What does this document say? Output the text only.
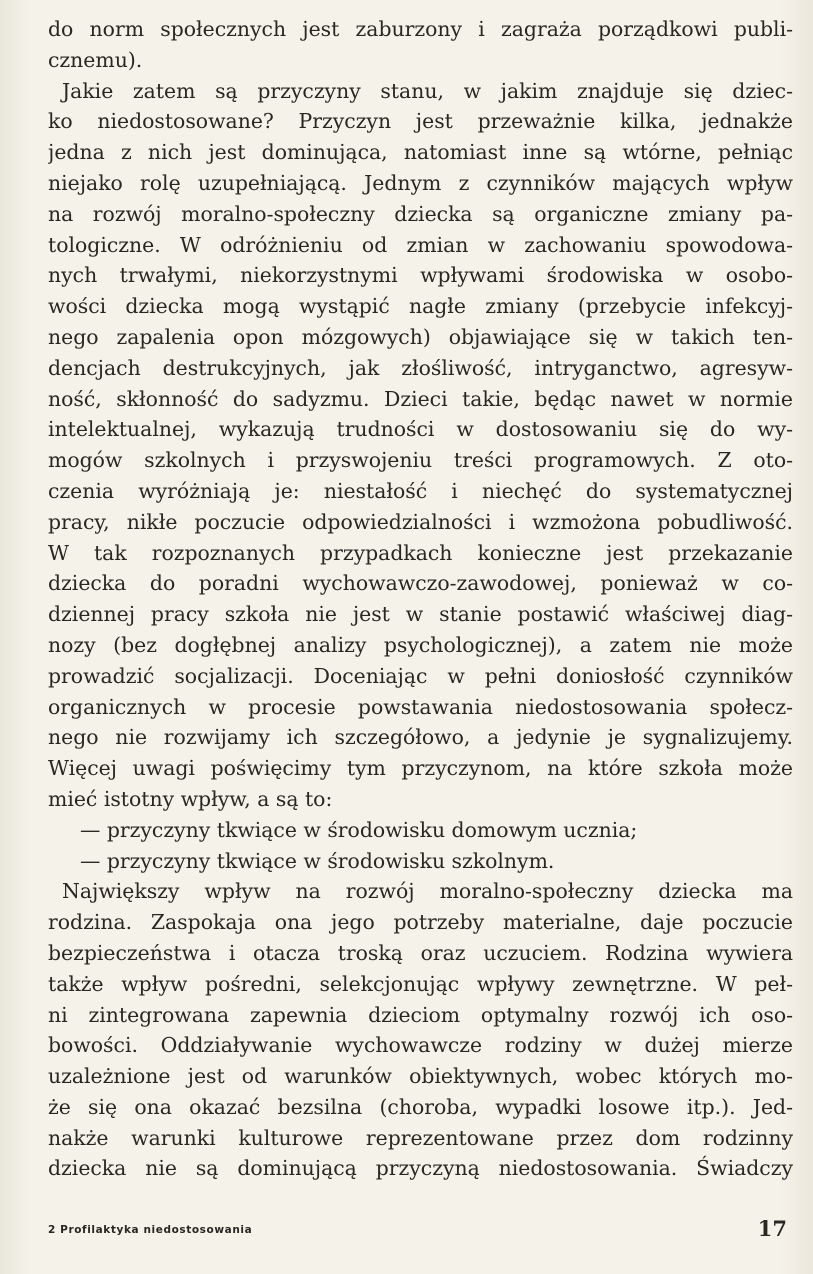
do norm społecznych jest zaburzony i zagraża porządkowi publi-
cznemu).
Jakie zatem są przyczyny stanu, w jakim znajduje się dziec-
ko niedostosowane? Przyczyn jest przeważnie kilka, jednakże
jedna z nich jest dominująca, natomiast inne są wtórne, pełniąc
niejako rolę uzupełniającą. Jednym z czynników mających wpływ
na rozwój moralno-społeczny dziecka są organiczne zmiany pa-
tologiczne. W odróżnieniu od zmian w zachowaniu spowodowa-
nych trwałymi, niekorzystnymi wpływami środowiska w osobo-
wości dziecka mogą wystąpić nagłe zmiany (przebycie infekcyj-
nego zapalenia opon mózgowych) objawiające się w takich ten-
dencjach destrukcyjnych, jak złośliwość, intryganctwo, agresyw-
ność, skłonność do sadyzmu. Dzieci takie, będąc nawet w normie
intelektualnej, wykazują trudności w dostosowaniu się do wy-
mogów szkolnych i przyswojeniu treści programowych. Z oto-
czenia wyróżniają je: niestałość i niechęć do systematycznej
pracy, nikłe poczucie odpowiedzialności i wzmożona pobudliwość.
W tak rozpoznanych przypadkach konieczne jest przekazanie
dziecka do poradni wychowawczo-zawodowej, ponieważ w co-
dziennej pracy szkoła nie jest w stanie postawić właściwej diag-
nozy (bez dogłębnej analizy psychologicznej), a zatem nie może
prowadzić socjalizacji. Doceniając w pełni doniosłość czynników
organicznych w procesie powstawania niedostosowania społecz-
nego nie rozwijamy ich szczegółowo, a jedynie je sygnalizujemy.
Więcej uwagi poświęcimy tym przyczynom, na które szkoła może
mieć istotny wpływ, a są to:
— przyczyny tkwiące w środowisku domowym ucznia;
— przyczyny tkwiące w środowisku szkolnym.
Największy wpływ na rozwój moralno-społeczny dziecka ma
rodzina. Zaspokaja ona jego potrzeby materialne, daje poczucie
bezpieczeństwa i otacza troską oraz uczuciem. Rodzina wywiera
także wpływ pośredni, selekcjonując wpływy zewnętrzne. W peł-
ni zintegrowana zapewnia dzieciom optymalny rozwój ich oso-
bowości. Oddziaływanie wychowawcze rodziny w dużej mierze
uzależnione jest od warunków obiektywnych, wobec których mo-
że się ona okazać bezsilna (choroba, wypadki losowe itp.). Jed-
nakże warunki kulturowe reprezentowane przez dom rodzinny
dziecka nie są dominującą przyczyną niedostosowania. Świadczy
2 Profilaktyka niedostosowania	17
